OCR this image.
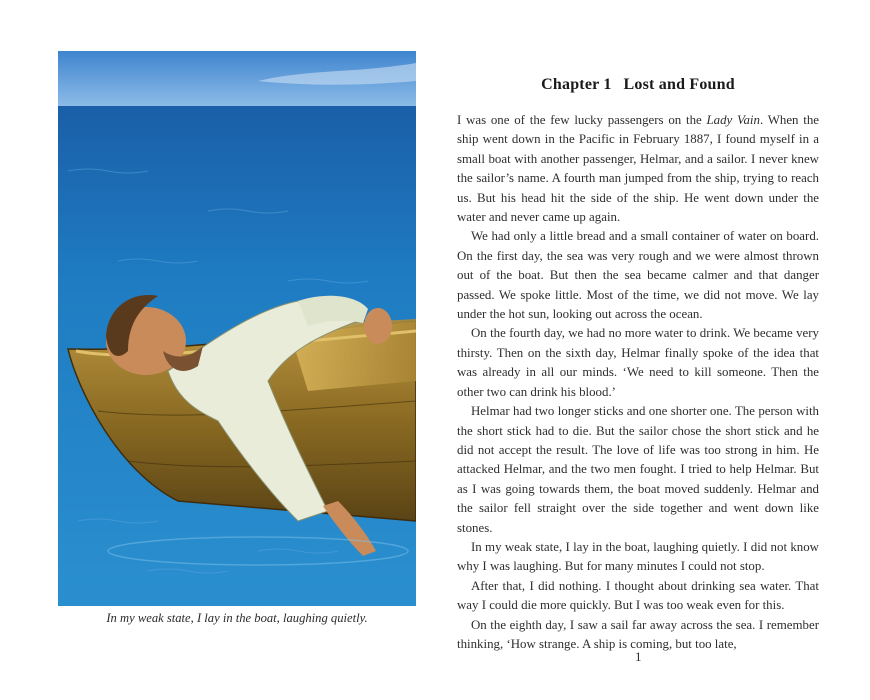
In my weak state, I lay in the boat, laughing quietly.
Chapter 1 Lost and Found

I was one of the few lucky passengers on the Lady Vain. When the ship went down in the Pacific in February 1887, I found myself in a small boat with another passenger, Helmar, and a sailor. I never knew the sailor’s name. A fourth man jumped from the ship, trying to reach us. But his head hit the side of the ship. He went down under the water and never came up again.

We had only a little bread and a small container of water on board. On the first day, the sea was very rough and we were almost thrown out of the boat. But then the sea became calmer and that danger passed. We spoke little. Most of the time, we did not move. We lay under the hot sun, looking out across the ocean.

On the fourth day, we had no more water to drink. We became very thirsty. Then on the sixth day, Helmar finally spoke of the idea that was already in all our minds. ‘We need to kill someone. Then the other two can drink his blood.’

Helmar had two longer sticks and one shorter one. The person with the short stick had to die. But the sailor chose the short stick and he did not accept the result. The love of life was too strong in him. He attacked Helmar, and the two men fought. I tried to help Helmar. But as I was going towards them, the boat moved suddenly. Helmar and the sailor fell straight over the side together and went down like stones.

In my weak state, I lay in the boat, laughing quietly. I did not know why I was laughing. But for many minutes I could not stop.

After that, I did nothing. I thought about drinking sea water. That way I could die more quickly. But I was too weak even for this.

On the eighth day, I saw a sail far away across the sea. I remember thinking, ‘How strange. A ship is coming, but too late,

1
